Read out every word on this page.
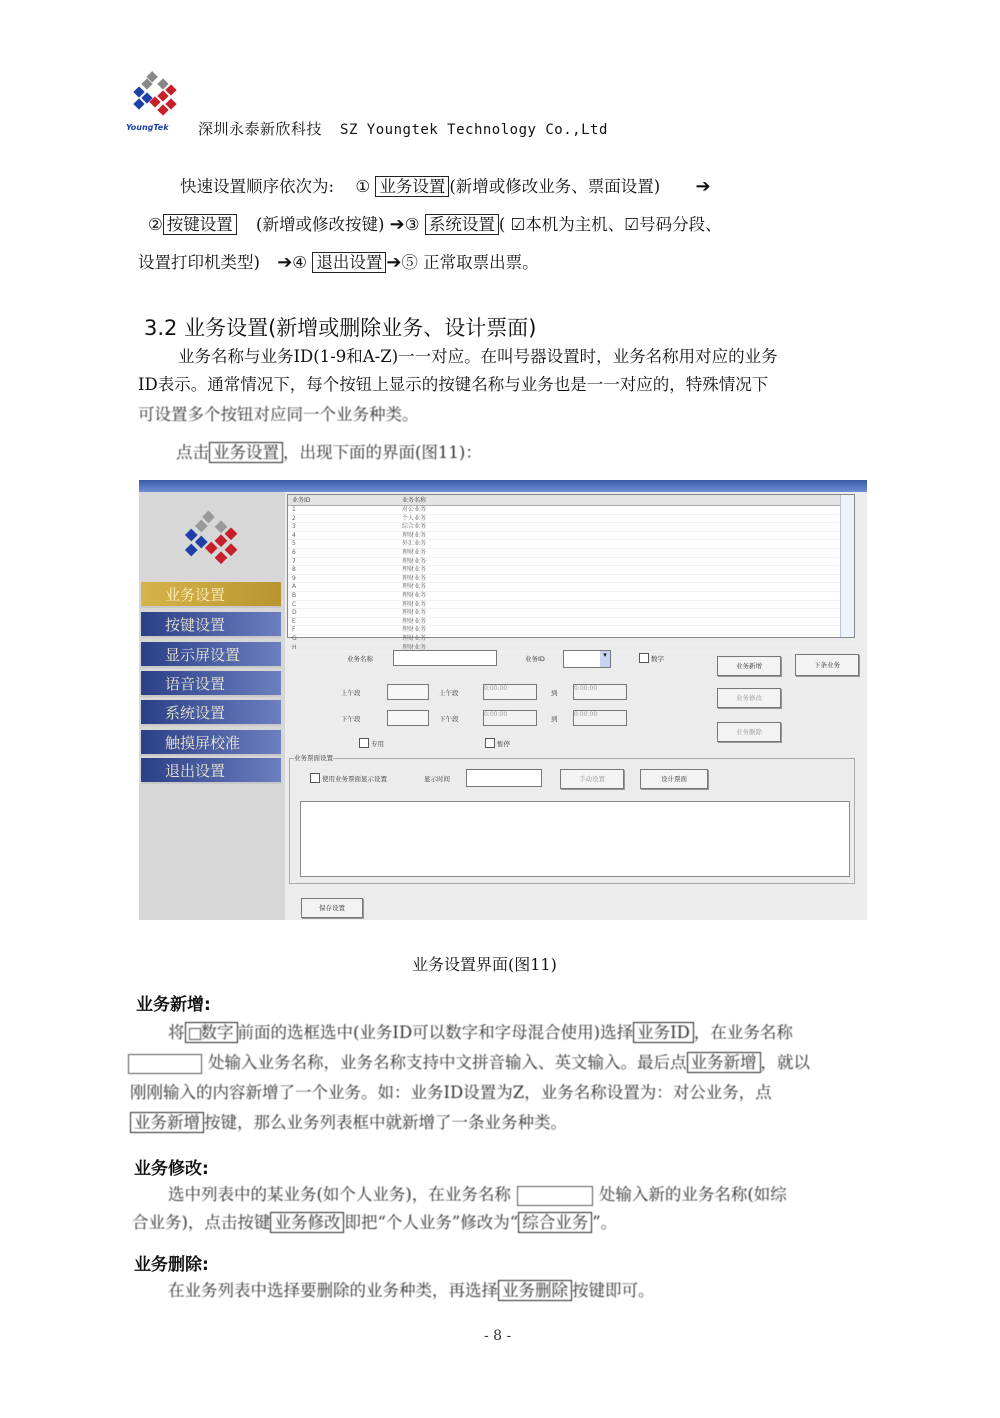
YoungTek 深圳永泰新欣科技 SZ Youngtek Technology Co.,Ltd
快速设置顺序依次为: ① 业务设置 (新增或修改业务、票面设置) ➔
② 按键设置 (新增或修改按键) ➔③ 系统设置 ( ☑本机为主机、☑号码分段、
设置打印机类型) ➔④ 退出设置 ➔⑤ 正常取票出票。
3.2 业务设置(新增或删除业务、设计票面)
业务名称与业务ID(1-9和A-Z)一一对应。在叫号器设置时，业务名称用对应的业务
ID表示。通常情况下，每个按钮上显示的按键名称与业务也是一一对应的，特殊情况下
可设置多个按钮对应同一个业务种类。
点击 业务设置 ，出现下面的界面(图11)：
业务设置
按键设置
显示屏设置
语音设置
系统设置
触摸屏校准
退出设置
业务ID	业务名称
1	对公业务
2	个人业务
3	综合业务
4	理财业务
5	外汇业务
6	理财业务
7	理财业务
8	理财业务
9	理财业务
A	理财业务
B	理财业务
C	理财业务
D	理财业务
E	理财业务
F	理财业务
G	理财业务
H	理财业务
业务名称	业务ID	▾	数字
上午段	上午段
0:00:00
到
0:00:00
下午段	下午段
0:00:00
到
0:00:00
专用	暂停
业务新增	下条业务
业务修改
业务删除
业务票面设置
使用业务票面显示设置	显示时间	手动设置	设计票面
保存设置
业务设置界面(图11)
业务新增:
将 数字 前面的选框选中(业务ID可以数字和字母混合使用)选择 业务ID ，在业务名称
处输入业务名称，业务名称支持中文拼音输入、英文输入。最后点 业务新增 ，就以
刚刚输入的内容新增了一个业务。如：业务ID设置为Z，业务名称设置为：对公业务，点
业务新增 按键，那么业务列表框中就新增了一条业务种类。
业务修改:
选中列表中的某业务(如个人业务)，在业务名称	处输入新的业务名称(如综
合业务)，点击按键 业务修改 即把“个人业务”修改为“ 综合业务 ”。
业务删除:
在业务列表中选择要删除的业务种类，再选择 业务删除 按键即可。
- 8 -
